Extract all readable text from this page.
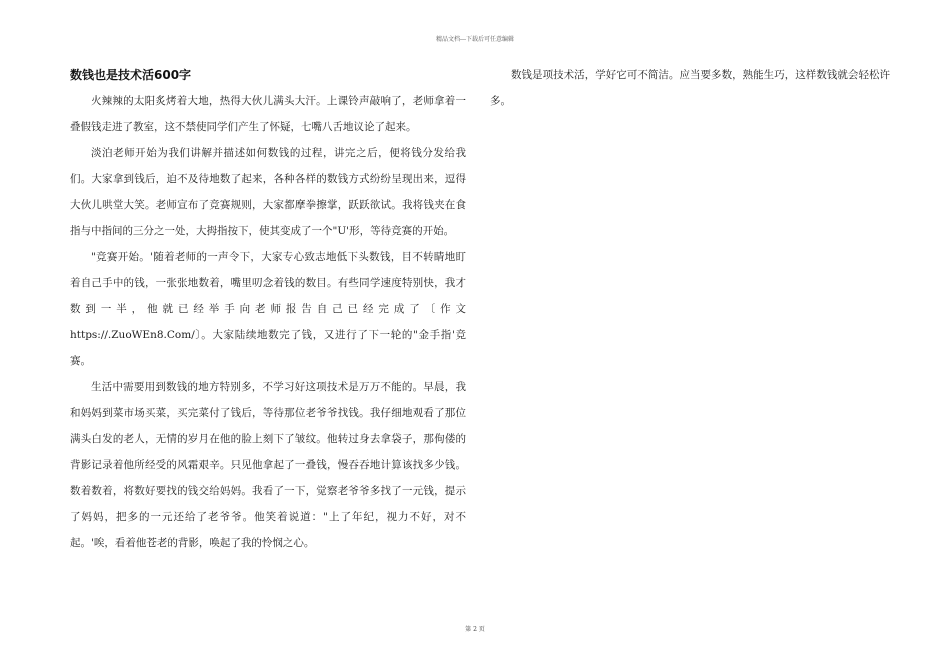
精品文档---下载后可任意编辑
数钱也是技术活600字

火辣辣的太阳炙烤着大地，热得大伙儿满头大汗。上课铃声敲响了，老师拿着一叠假钱走进了教室，这不禁使同学们产生了怀疑，七嘴八舌地议论了起来。

淡泊老师开始为我们讲解并描述如何数钱的过程，讲完之后，便将钱分发给我们。大家拿到钱后，迫不及待地数了起来，各种各样的数钱方式纷纷呈现出来，逗得大伙儿哄堂大笑。老师宣布了竞赛规则，大家都摩拳擦掌，跃跃欲试。我将钱夹在食指与中指间的三分之一处，大拇指按下，使其变成了一个"U'形，等待竞赛的开始。

"竞赛开始。'随着老师的一声令下，大家专心致志地低下头数钱，目不转睛地盯着自己手中的钱，一张张地数着，嘴里叨念着钱的数目。有些同学速度特别快，我才数到一半，他就已经举手向老师报告自己已经完成了〔作文https://.ZuoWEn8.Com/〕。大家陆续地数完了钱，又进行了下一轮的"金手指'竞赛。

生活中需要用到数钱的地方特别多，不学习好这项技术是万万不能的。早晨，我和妈妈到菜市场买菜，买完菜付了钱后，等待那位老爷爷找钱。我仔细地观看了那位满头白发的老人，无情的岁月在他的脸上刻下了皱纹。他转过身去拿袋子，那佝偻的背影记录着他所经受的风霜艰辛。只见他拿起了一叠钱，慢吞吞地计算该找多少钱。数着数着，将数好要找的钱交给妈妈。我看了一下，觉察老爷爷多找了一元钱，提示了妈妈，把多的一元还给了老爷爷。他笑着说道："上了年纪，视力不好，对不起。'唉，看着他苍老的背影，唤起了我的怜悯之心。

数钱是项技术活，学好它可不简洁。应当要多数，熟能生巧，这样数钱就会轻松许多。

第 2 页
